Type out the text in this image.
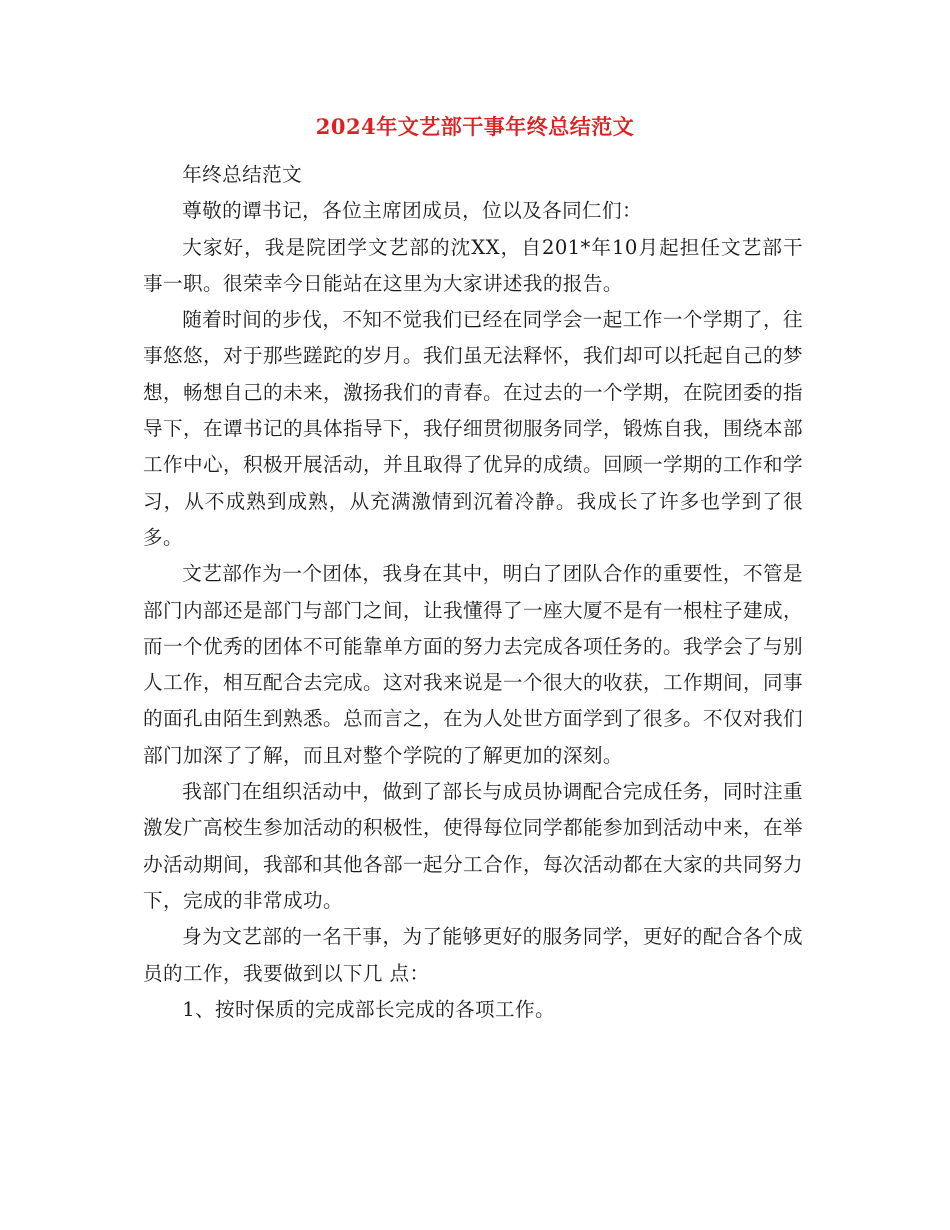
2024年文艺部干事年终总结范文

年终总结范文

尊敬的谭书记，各位主席团成员，位以及各同仁们：

大家好，我是院团学文艺部的沈XX，自201*年10月起担任文艺部干事一职。很荣幸今日能站在这里为大家讲述我的报告。

随着时间的步伐，不知不觉我们已经在同学会一起工作一个学期了，往事悠悠，对于那些蹉跎的岁月。我们虽无法释怀，我们却可以托起自己的梦想，畅想自己的未来，激扬我们的青春。在过去的一个学期，在院团委的指导下，在谭书记的具体指导下，我仔细贯彻服务同学，锻炼自我，围绕本部工作中心，积极开展活动，并且取得了优异的成绩。回顾一学期的工作和学习，从不成熟到成熟，从充满激情到沉着冷静。我成长了许多也学到了很多。

文艺部作为一个团体，我身在其中，明白了团队合作的重要性，不管是部门内部还是部门与部门之间，让我懂得了一座大厦不是有一根柱子建成，而一个优秀的团体不可能靠单方面的努力去完成各项任务的。我学会了与别人工作，相互配合去完成。这对我来说是一个很大的收获，工作期间，同事的面孔由陌生到熟悉。总而言之，在为人处世方面学到了很多。不仅对我们部门加深了了解，而且对整个学院的了解更加的深刻。

我部门在组织活动中，做到了部长与成员协调配合完成任务，同时注重激发广高校生参加活动的积极性，使得每位同学都能参加到活动中来，在举办活动期间，我部和其他各部一起分工合作，每次活动都在大家的共同努力下，完成的非常成功。

身为文艺部的一名干事，为了能够更好的服务同学，更好的配合各个成员的工作，我要做到以下几 点：

1、按时保质的完成部长完成的各项工作。
